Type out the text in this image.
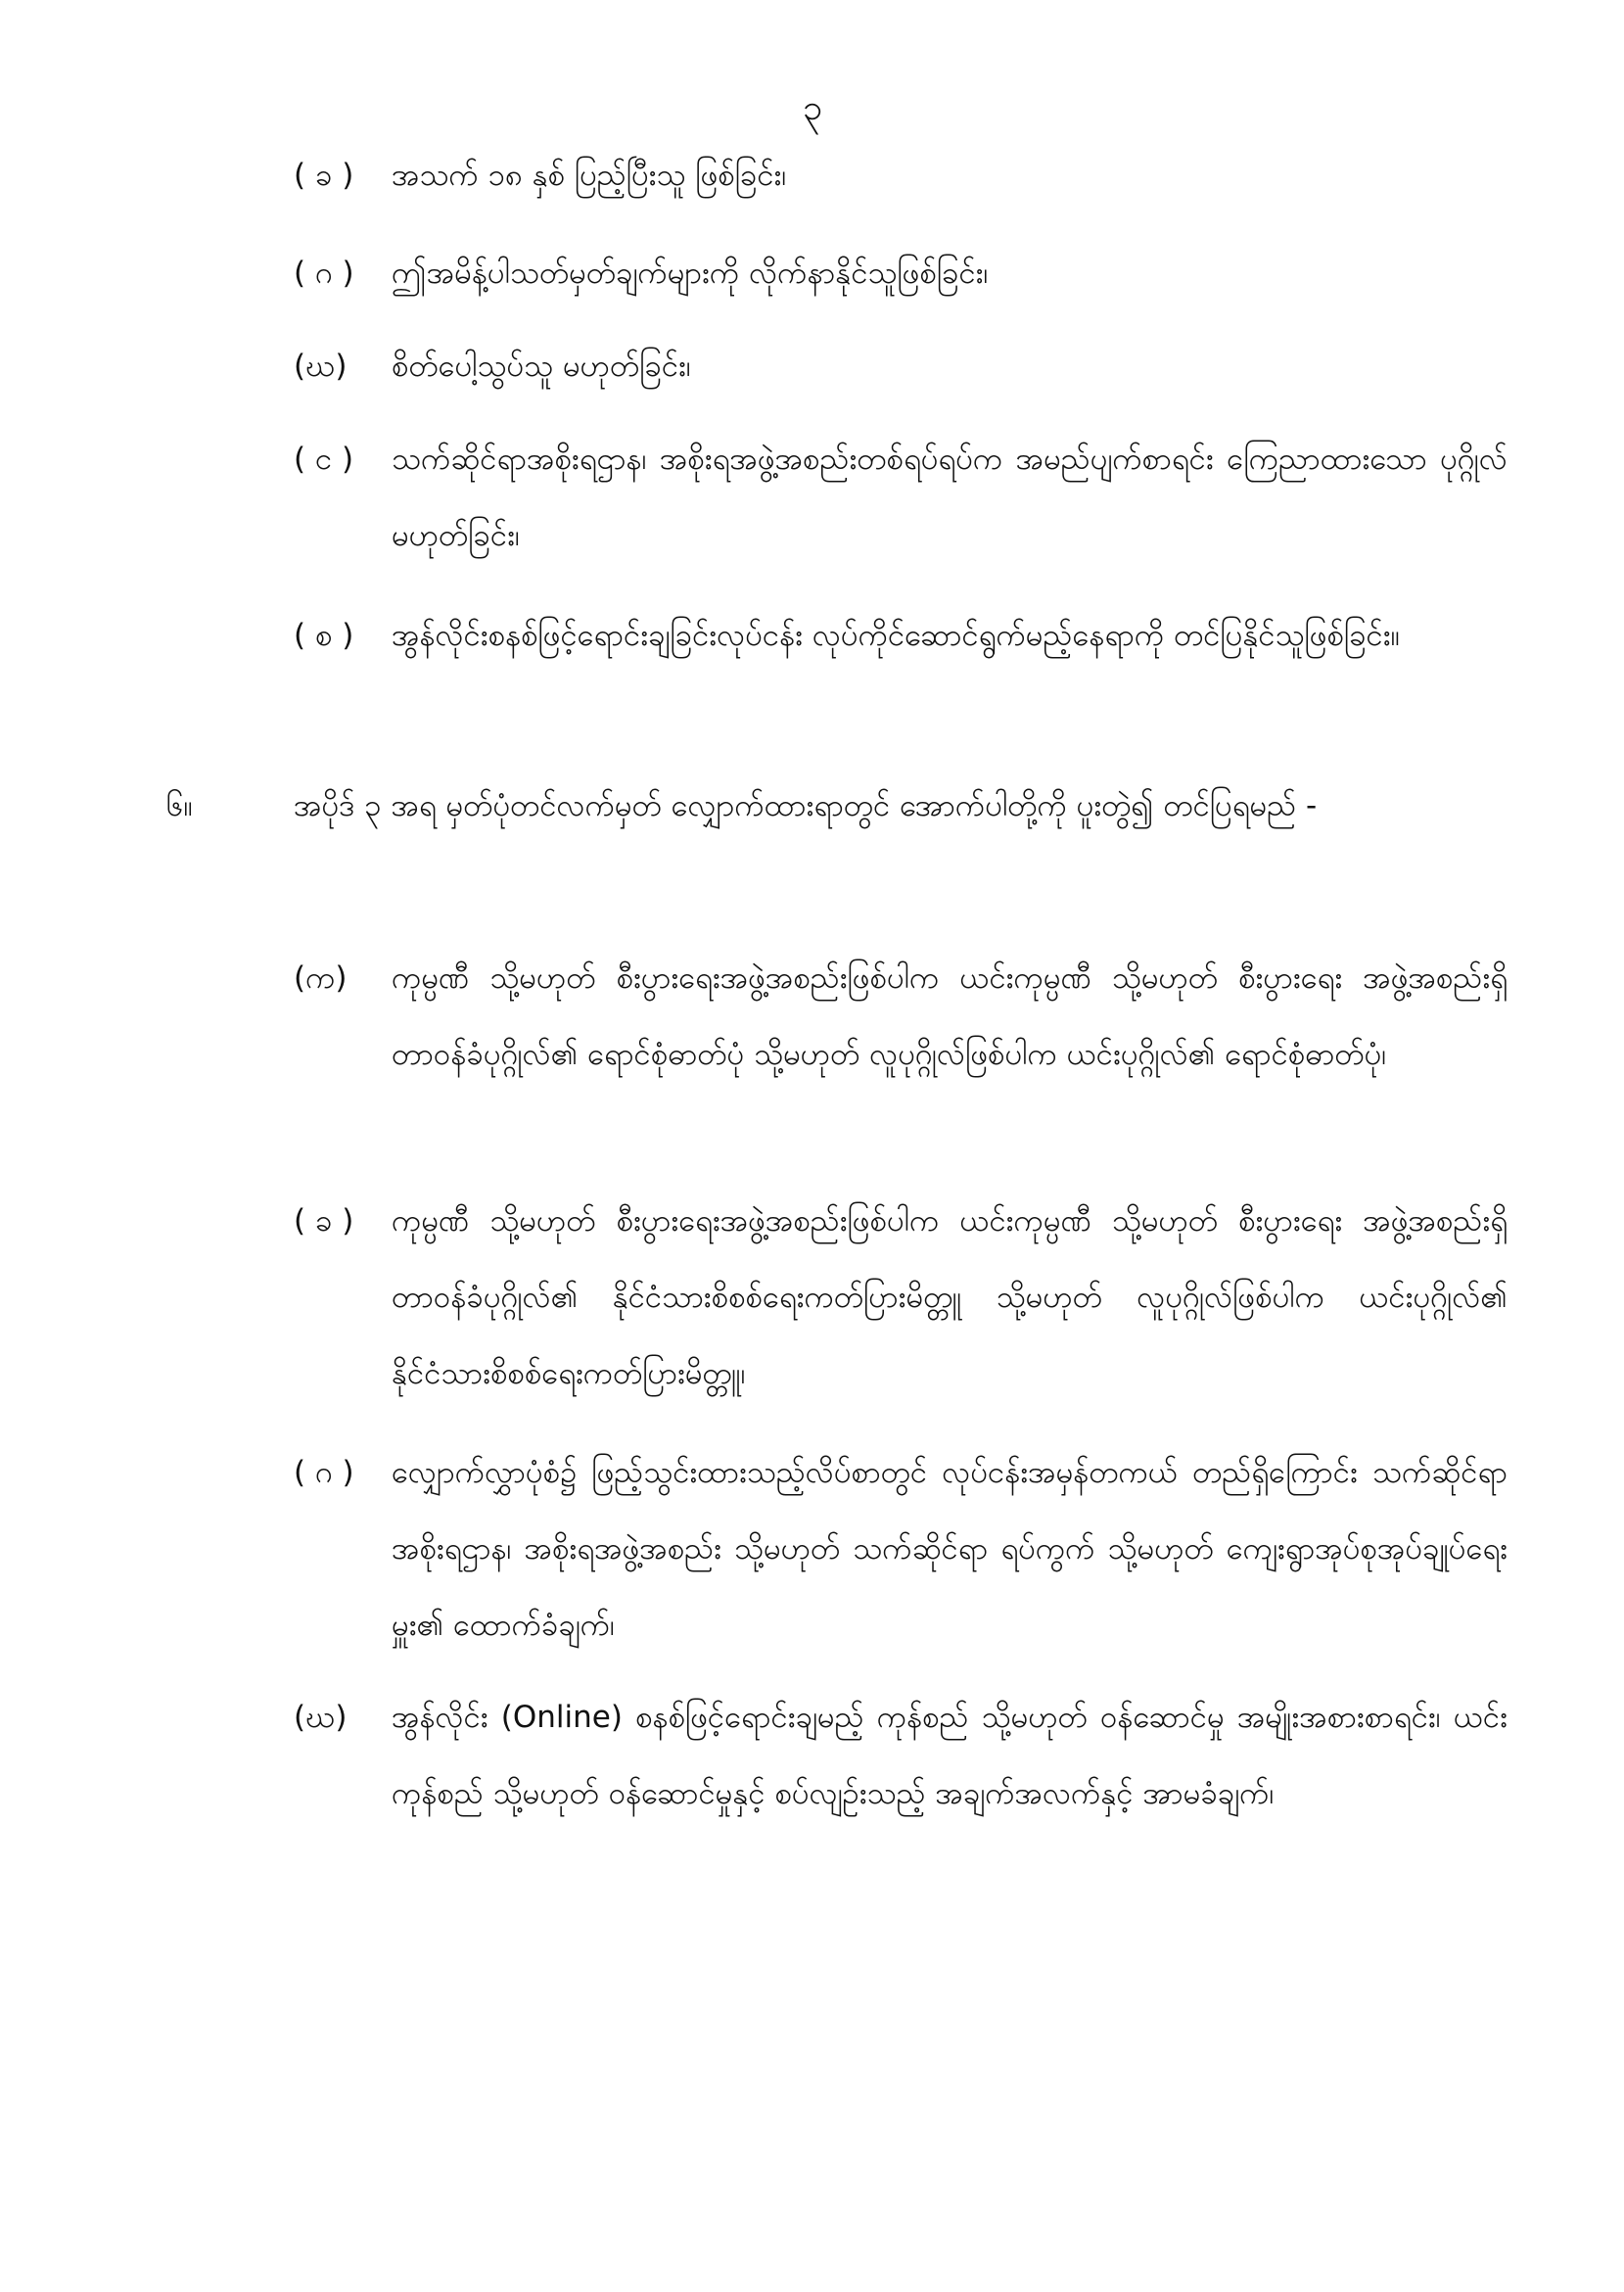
၃
( ခ )	အသက် ၁၈ နှစ် ပြည့်ပြီးသူ ဖြစ်ခြင်း၊
( ဂ )	ဤအမိန့်ပါသတ်မှတ်ချက်များကို လိုက်နာနိုင်သူဖြစ်ခြင်း၊
(ဃ)	စိတ်ပေါ့သွပ်သူ မဟုတ်ခြင်း၊
( င )	သက်ဆိုင်ရာအစိုးရဌာန၊ အစိုးရအဖွဲ့အစည်းတစ်ရပ်ရပ်က အမည်ပျက်စာရင်း ကြေညာထားသော ပုဂ္ဂိုလ်မဟုတ်ခြင်း၊
( စ )	အွန်လိုင်းစနစ်ဖြင့်ရောင်းချခြင်းလုပ်ငန်း လုပ်ကိုင်ဆောင်ရွက်မည့်နေရာကို တင်ပြနိုင်သူဖြစ်ခြင်း။
၆။	အပိုဒ် ၃ အရ မှတ်ပုံတင်လက်မှတ် လျှောက်ထားရာတွင် အောက်ပါတို့ကို ပူးတွဲ၍ တင်ပြရမည် -
(က)	ကုမ္ပဏီ သို့မဟုတ် စီးပွားရေးအဖွဲ့အစည်းဖြစ်ပါက ယင်းကုမ္ပဏီ သို့မဟုတ် စီးပွားရေး အဖွဲ့အစည်းရှိ တာဝန်ခံပုဂ္ဂိုလ်၏ ရောင်စုံဓာတ်ပုံ သို့မဟုတ် လူပုဂ္ဂိုလ်ဖြစ်ပါက ယင်းပုဂ္ဂိုလ်၏ ရောင်စုံဓာတ်ပုံ၊
( ခ )	ကုမ္ပဏီ သို့မဟုတ် စီးပွားရေးအဖွဲ့အစည်းဖြစ်ပါက ယင်းကုမ္ပဏီ သို့မဟုတ် စီးပွားရေး အဖွဲ့အစည်းရှိ တာဝန်ခံပုဂ္ဂိုလ်၏ နိုင်ငံသားစိစစ်ရေးကတ်ပြားမိတ္တူ သို့မဟုတ် လူပုဂ္ဂိုလ်ဖြစ်ပါက ယင်းပုဂ္ဂိုလ်၏ နိုင်ငံသားစိစစ်ရေးကတ်ပြားမိတ္တူ၊
( ဂ )	လျှောက်လွှာပုံစံ၌ ဖြည့်သွင်းထားသည့်လိပ်စာတွင် လုပ်ငန်းအမှန်တကယ် တည်ရှိကြောင်း သက်ဆိုင်ရာ အစိုးရဌာန၊ အစိုးရအဖွဲ့အစည်း သို့မဟုတ် သက်ဆိုင်ရာ ရပ်ကွက် သို့မဟုတ် ကျေးရွာအုပ်စုအုပ်ချုပ်ရေးမှူး၏ ထောက်ခံချက်၊
(ဃ)	အွန်လိုင်း (Online) စနစ်ဖြင့်ရောင်းချမည့် ကုန်စည် သို့မဟုတ် ဝန်ဆောင်မှု အမျိုးအစားစာရင်း၊ ယင်းကုန်စည် သို့မဟုတ် ဝန်ဆောင်မှုနှင့် စပ်လျဉ်းသည့် အချက်အလက်နှင့် အာမခံချက်၊
